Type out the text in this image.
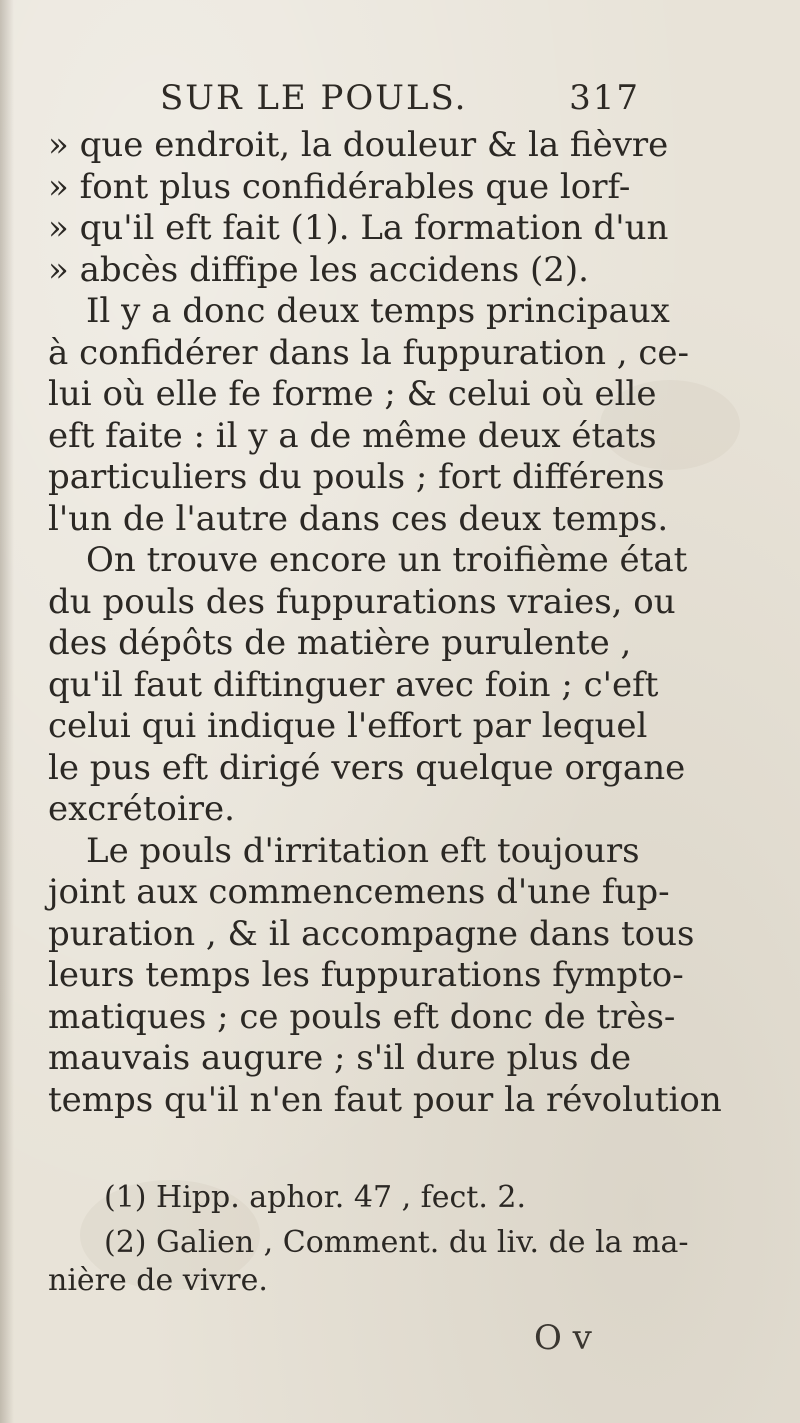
SUR LE POULS.	317
» que endroit, la douleur & la fièvre
» font plus confidérables que lorf-
» qu'il eft fait (1). La formation d'un
» abcès diffipe les accidens (2).
Il y a donc deux temps principaux
à confidérer dans la fuppuration , ce-
lui où elle fe forme ; & celui où elle
eft faite : il y a de même deux états
particuliers du pouls ; fort différens
l'un de l'autre dans ces deux temps.
On trouve encore un troifième état
du pouls des fuppurations vraies, ou
des dépôts de matière purulente ,
qu'il faut diftinguer avec foin ; c'eft
celui qui indique l'effort par lequel
le pus eft dirigé vers quelque organe
excrétoire.
Le pouls d'irritation eft toujours
joint aux commencemens d'une fup-
puration , & il accompagne dans tous
leurs temps les fuppurations fympto-
matiques ; ce pouls eft donc de très-
mauvais augure ; s'il dure plus de
temps qu'il n'en faut pour la révolution
(1) Hipp. aphor. 47 , fect. 2.
(2) Galien , Comment. du liv. de la ma-
nière de vivre.
O v
